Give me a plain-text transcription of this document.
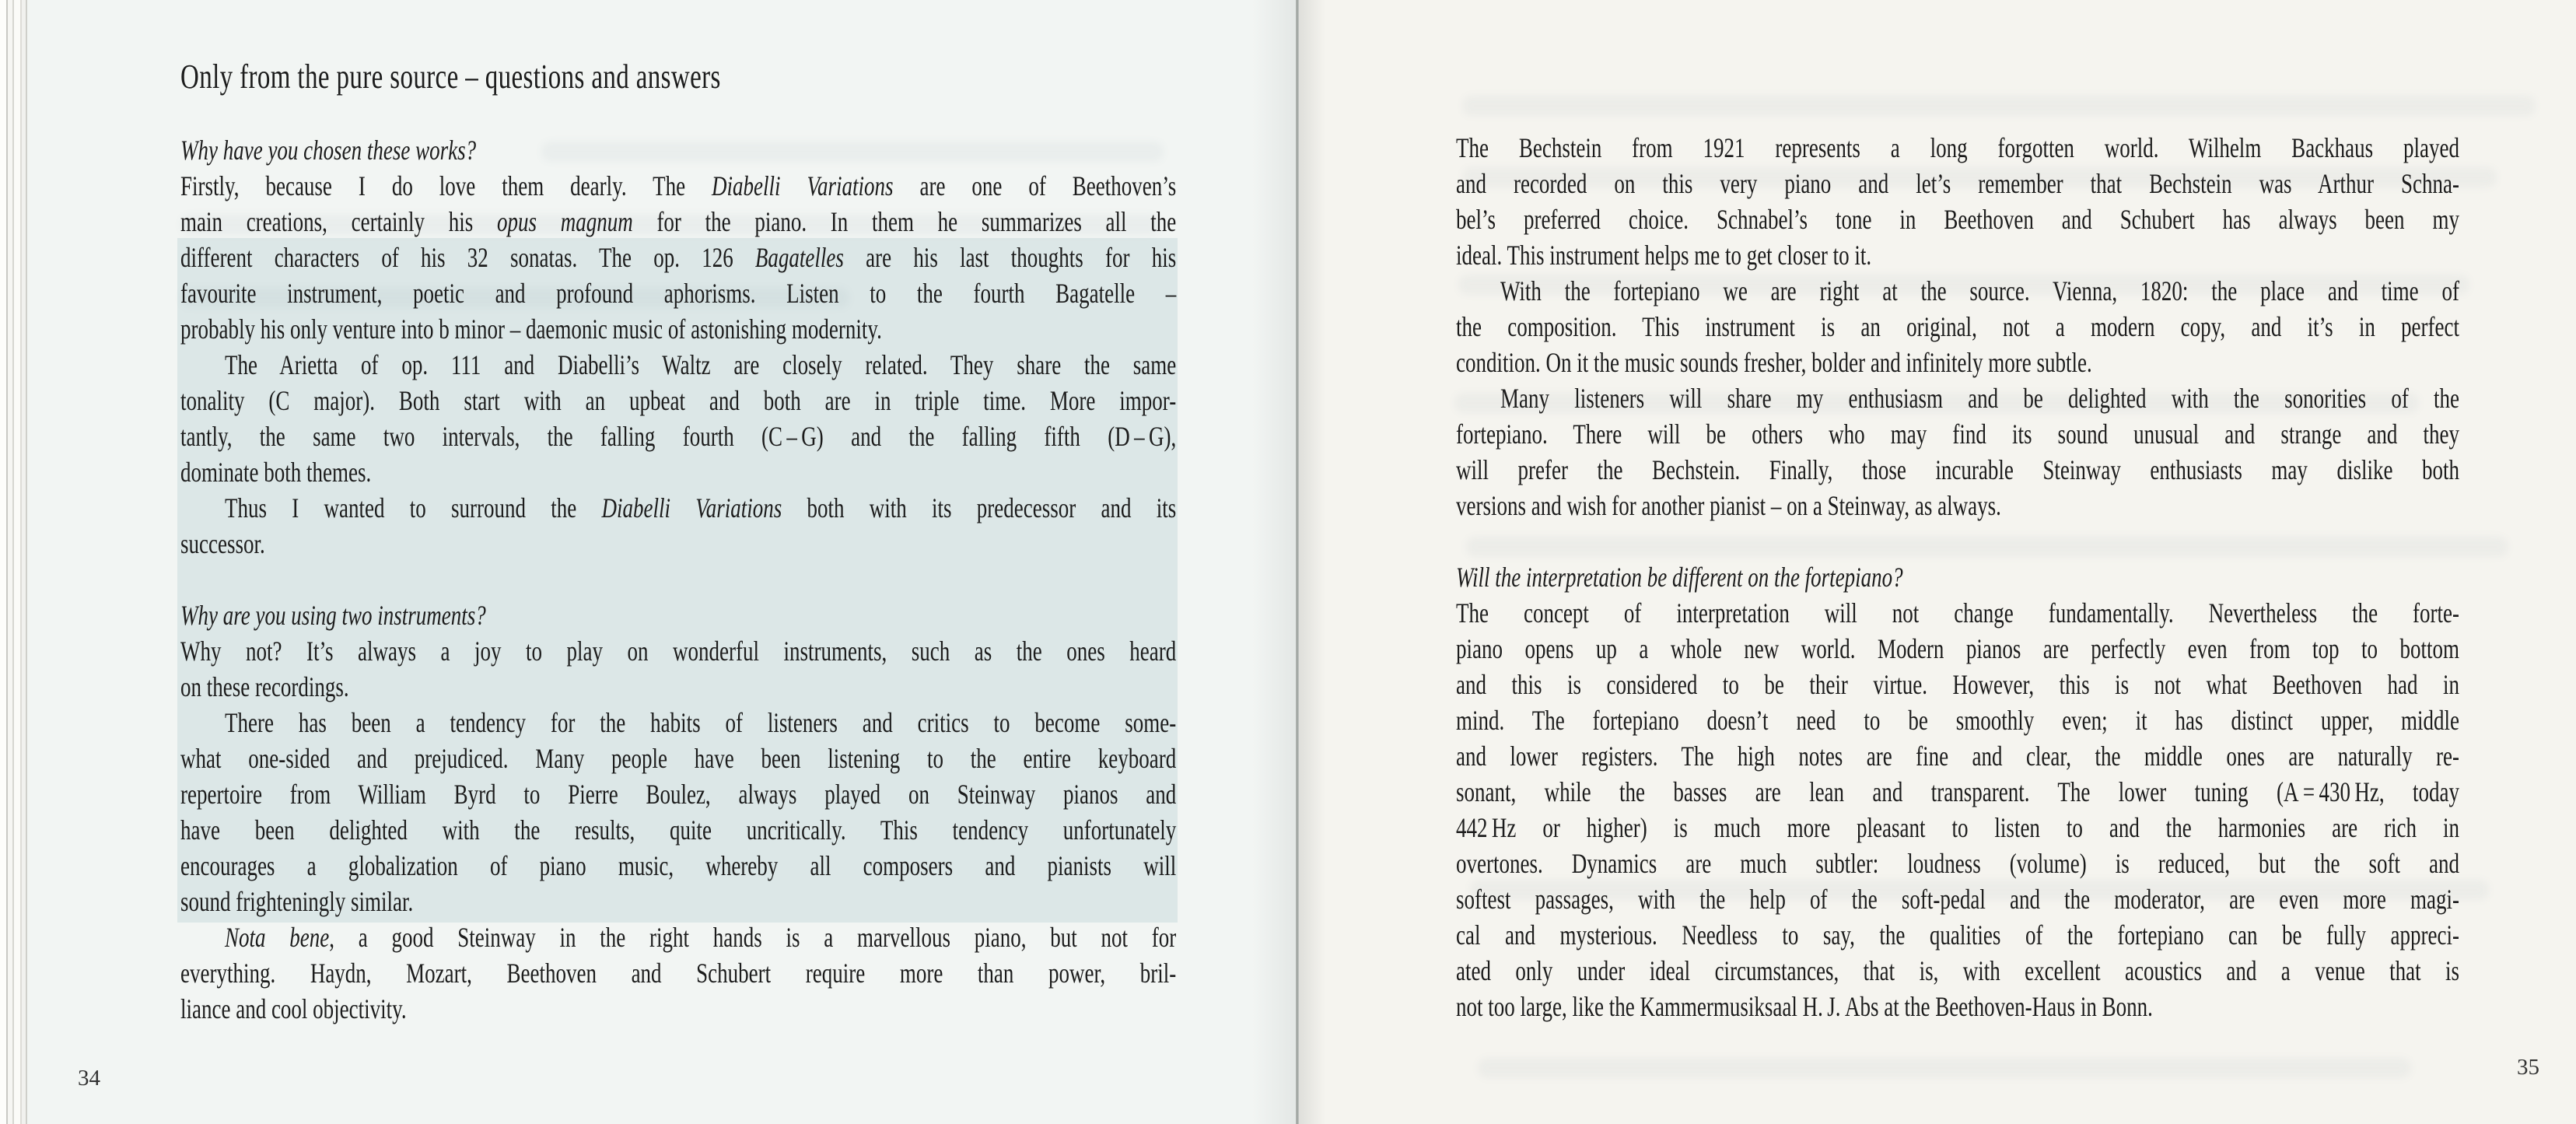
Only from the pure source – questions and answers
Why have you chosen these works?
Firstly, because I do love them dearly. The Diabelli Variations are one of Beethoven’s
main creations, certainly his opus magnum for the piano. In them he summarizes all the
different characters of his 32 sonatas. The op. 126 Bagatelles are his last thoughts for his
favourite instrument, poetic and profound aphorisms. Listen to the fourth Bagatelle –
probably his only venture into b minor – daemonic music of astonishing modernity.
The Arietta of op. 111 and Diabelli’s Waltz are closely related. They share the same
tonality (C major). Both start with an upbeat and both are in triple time. More impor-
tantly, the same two intervals, the falling fourth (C – G) and the falling fifth (D – G),
dominate both themes.
Thus I wanted to surround the Diabelli Variations both with its predecessor and its
successor.
Why are you using two instruments?
Why not? It’s always a joy to play on wonderful instruments, such as the ones heard
on these recordings.
There has been a tendency for the habits of listeners and critics to become some-
what one-sided and prejudiced. Many people have been listening to the entire keyboard
repertoire from William Byrd to Pierre Boulez, always played on Steinway pianos and
have been delighted with the results, quite uncritically. This tendency unfortunately
encourages a globalization of piano music, whereby all composers and pianists will
sound frighteningly similar.
Nota bene, a good Steinway in the right hands is a marvellous piano, but not for
everything. Haydn, Mozart, Beethoven and Schubert require more than power, bril-
liance and cool objectivity.
34
The Bechstein from 1921 represents a long forgotten world. Wilhelm Backhaus played
and recorded on this very piano and let’s remember that Bechstein was Arthur Schna-
bel’s preferred choice. Schnabel’s tone in Beethoven and Schubert has always been my
ideal. This instrument helps me to get closer to it.
With the fortepiano we are right at the source. Vienna, 1820: the place and time of
the composition. This instrument is an original, not a modern copy, and it’s in perfect
condition. On it the music sounds fresher, bolder and infinitely more subtle.
Many listeners will share my enthusiasm and be delighted with the sonorities of the
fortepiano. There will be others who may find its sound unusual and strange and they
will prefer the Bechstein. Finally, those incurable Steinway enthusiasts may dislike both
versions and wish for another pianist – on a Steinway, as always.
Will the interpretation be different on the fortepiano?
The concept of interpretation will not change fundamentally. Nevertheless the forte-
piano opens up a whole new world. Modern pianos are perfectly even from top to bottom
and this is considered to be their virtue. However, this is not what Beethoven had in
mind. The fortepiano doesn’t need to be smoothly even; it has distinct upper, middle
and lower registers. The high notes are fine and clear, the middle ones are naturally re-
sonant, while the basses are lean and transparent. The lower tuning (A = 430 Hz, today
442 Hz or higher) is much more pleasant to listen to and the harmonies are rich in
overtones. Dynamics are much subtler: loudness (volume) is reduced, but the soft and
softest passages, with the help of the soft-pedal and the moderator, are even more magi-
cal and mysterious. Needless to say, the qualities of the fortepiano can be fully appreci-
ated only under ideal circumstances, that is, with excellent acoustics and a venue that is
not too large, like the Kammermusiksaal H. J. Abs at the Beethoven-Haus in Bonn.
35
